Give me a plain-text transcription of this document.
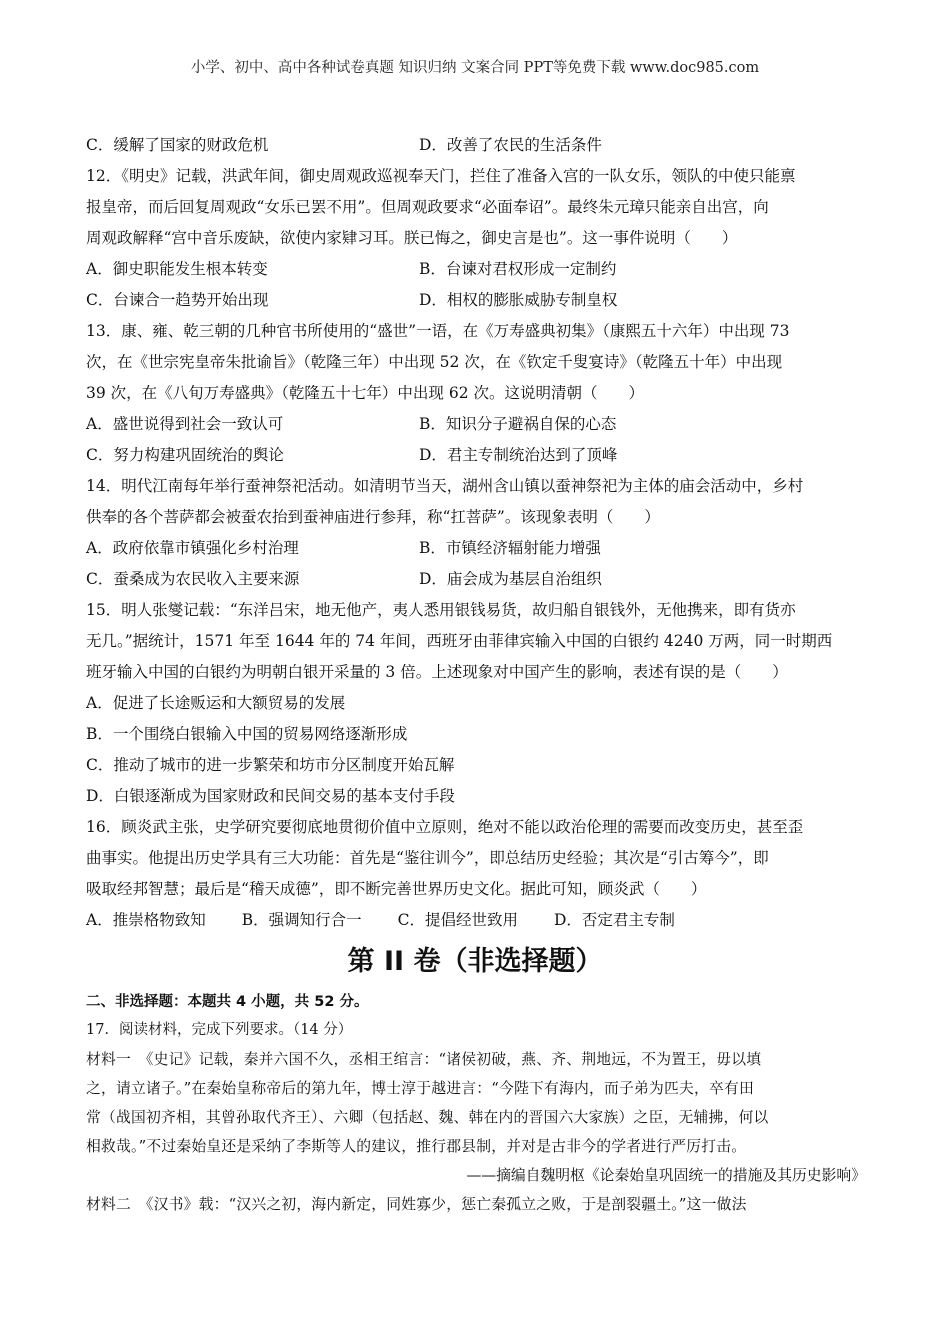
小学、初中、高中各种试卷真题 知识归纳 文案合同 PPT等免费下载 www.doc985.com
C．缓解了国家的财政危机	D．改善了农民的生活条件
12．《明史》记载，洪武年间，御史周观政巡视奉天门，拦住了准备入宫的一队女乐，领队的中使只能禀
报皇帝，而后回复周观政“女乐已罢不用”。但周观政要求“必面奉诏”。最终朱元璋只能亲自出宫，向
周观政解释“宫中音乐废缺，欲使内家肄习耳。朕已悔之，御史言是也”。这一事件说明（　　）
A．御史职能发生根本转变	B．台谏对君权形成一定制约
C．台谏合一趋势开始出现	D．相权的膨胀威胁专制皇权
13．康、雍、乾三朝的几种官书所使用的“盛世”一语，在《万寿盛典初集》（康熙五十六年）中出现 73
次，在《世宗宪皇帝朱批谕旨》（乾隆三年）中出现 52 次，在《钦定千叟宴诗》（乾隆五十年）中出现
39 次，在《八旬万寿盛典》（乾隆五十七年）中出现 62 次。这说明清朝（　　）
A．盛世说得到社会一致认可	B．知识分子避祸自保的心态
C．努力构建巩固统治的舆论	D．君主专制统治达到了顶峰
14．明代江南每年举行蚕神祭祀活动。如清明节当天，湖州含山镇以蚕神祭祀为主体的庙会活动中，乡村
供奉的各个菩萨都会被蚕农抬到蚕神庙进行参拜，称“扛菩萨”。该现象表明（　　）
A．政府依靠市镇强化乡村治理	B．市镇经济辐射能力增强
C．蚕桑成为农民收入主要来源	D．庙会成为基层自治组织
15．明人张燮记载：“东洋吕宋，地无他产，夷人悉用银钱易货，故归船自银钱外，无他携来，即有货亦
无几。”据统计，1571 年至 1644 年的 74 年间，西班牙由菲律宾输入中国的白银约 4240 万两，同一时期西
班牙输入中国的白银约为明朝白银开采量的 3 倍。上述现象对中国产生的影响，表述有误的是（　　）
A．促进了长途贩运和大额贸易的发展
B．一个围绕白银输入中国的贸易网络逐渐形成
C．推动了城市的进一步繁荣和坊市分区制度开始瓦解
D．白银逐渐成为国家财政和民间交易的基本支付手段
16．顾炎武主张，史学研究要彻底地贯彻价值中立原则，绝对不能以政治伦理的需要而改变历史，甚至歪
曲事实。他提出历史学具有三大功能：首先是“鉴往训今”，即总结历史经验；其次是“引古筹今”，即
吸取经邦智慧；最后是“稽天成德”，即不断完善世界历史文化。据此可知，顾炎武（　　）
A．推崇格物致知 B．强调知行合一 C．提倡经世致用 D．否定君主专制
第 II 卷（非选择题）
二、非选择题：本题共 4 小题，共 52 分。
17．阅读材料，完成下列要求。（14 分）
材料一　《史记》记载，秦并六国不久，丞相王绾言：“诸侯初破，燕、齐、荆地远，不为置王，毋以填
之，请立诸子。”在秦始皇称帝后的第九年，博士淳于越进言：“今陛下有海内，而子弟为匹夫，卒有田
常（战国初齐相，其曾孙取代齐王）、六卿（包括赵、魏、韩在内的晋国六大家族）之臣，无辅拂，何以
相救哉。”不过秦始皇还是采纳了李斯等人的建议，推行郡县制，并对是古非今的学者进行严厉打击。
——摘编自魏明枢《论秦始皇巩固统一的措施及其历史影响》
材料二　《汉书》载：“汉兴之初，海内新定，同姓寡少，惩亡秦孤立之败，于是剖裂疆土。”这一做法
